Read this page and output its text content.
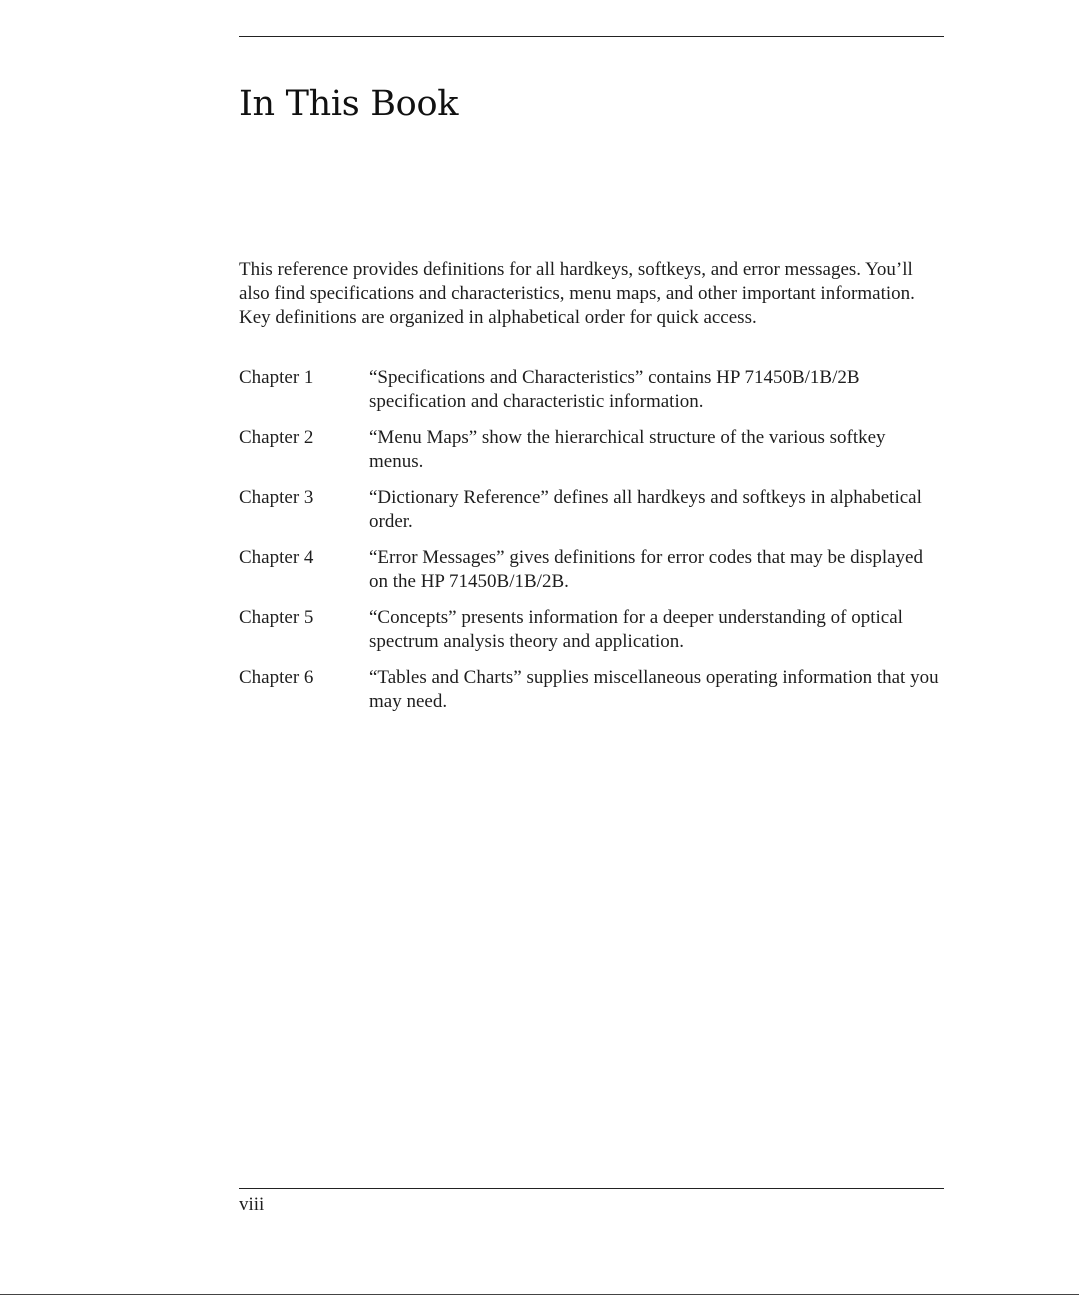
In This Book

This reference provides definitions for all hardkeys, softkeys, and error messages. You’ll also find specifications and characteristics, menu maps, and other important information. Key definitions are organized in alphabetical order for quick access.

Chapter 1	“Specifications and Characteristics” contains HP 71450B/1B/2B specification and characteristic information.
Chapter 2	“Menu Maps” show the hierarchical structure of the various softkey menus.
Chapter 3	“Dictionary Reference” defines all hardkeys and softkeys in alphabetical order.
Chapter 4	“Error Messages” gives definitions for error codes that may be displayed on the HP 71450B/1B/2B.
Chapter 5	“Concepts” presents information for a deeper understanding of optical spectrum analysis theory and application.
Chapter 6	“Tables and Charts” supplies miscellaneous operating information that you may need.
viii
